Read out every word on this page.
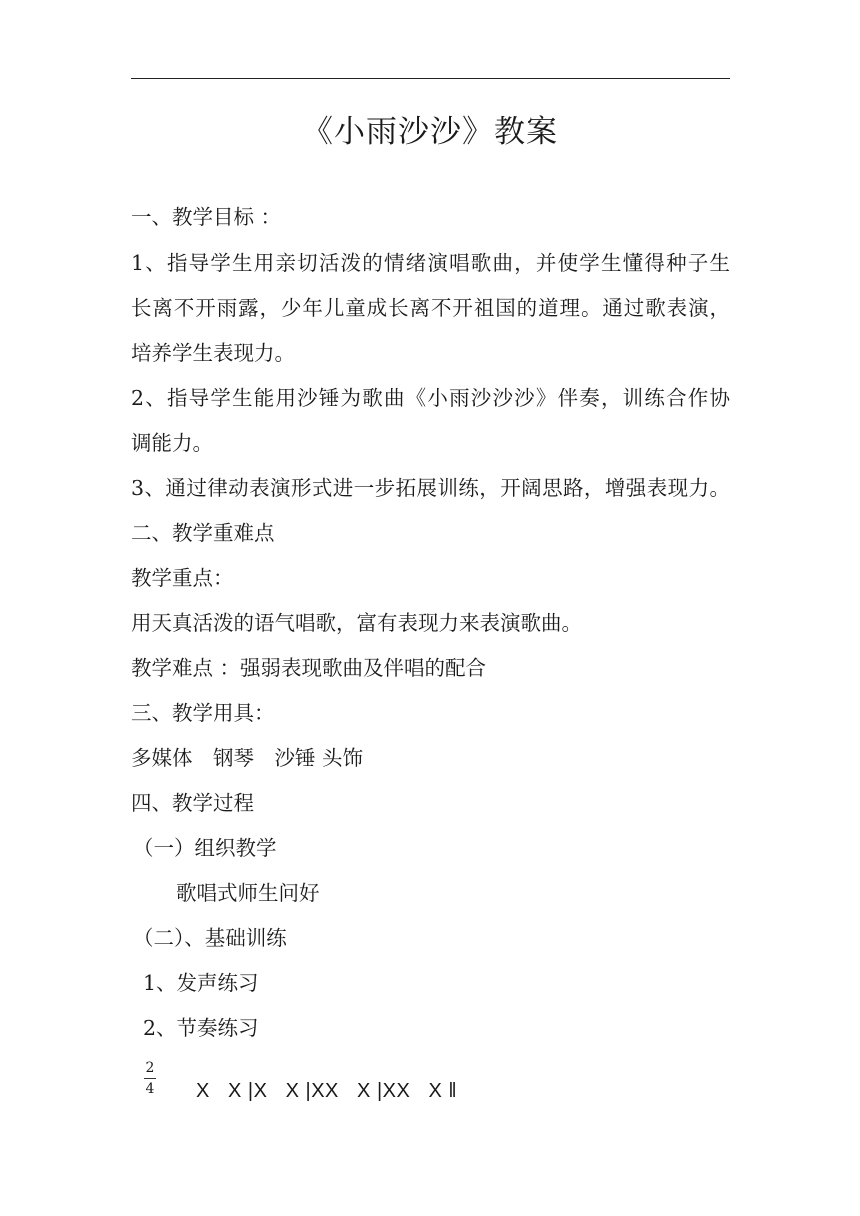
《小雨沙沙》教案
一、教学目标 ：
1、指导学生用亲切活泼的情绪演唱歌曲，并使学生懂得种子生
长离不开雨露，少年儿童成长离不开祖国的道理。通过歌表演，
培养学生表现力。
2、指导学生能用沙锤为歌曲《小雨沙沙沙》伴奏，训练合作协
调能力。
3、通过律动表演形式进一步拓展训练，开阔思路，增强表现力。
二、教学重难点
教学重点：
用天真活泼的语气唱歌，富有表现力来表演歌曲。
教学难点 ：强弱表现歌曲及伴唱的配合
三、教学用具：
多媒体　钢琴　沙锤 头饰
四、教学过程
（一）组织教学
歌唱式师生问好
（二）、基础训练
1、发声练习
2、节奏练习
2
4 X   X |X   X |XX   X |XX   X ‖
